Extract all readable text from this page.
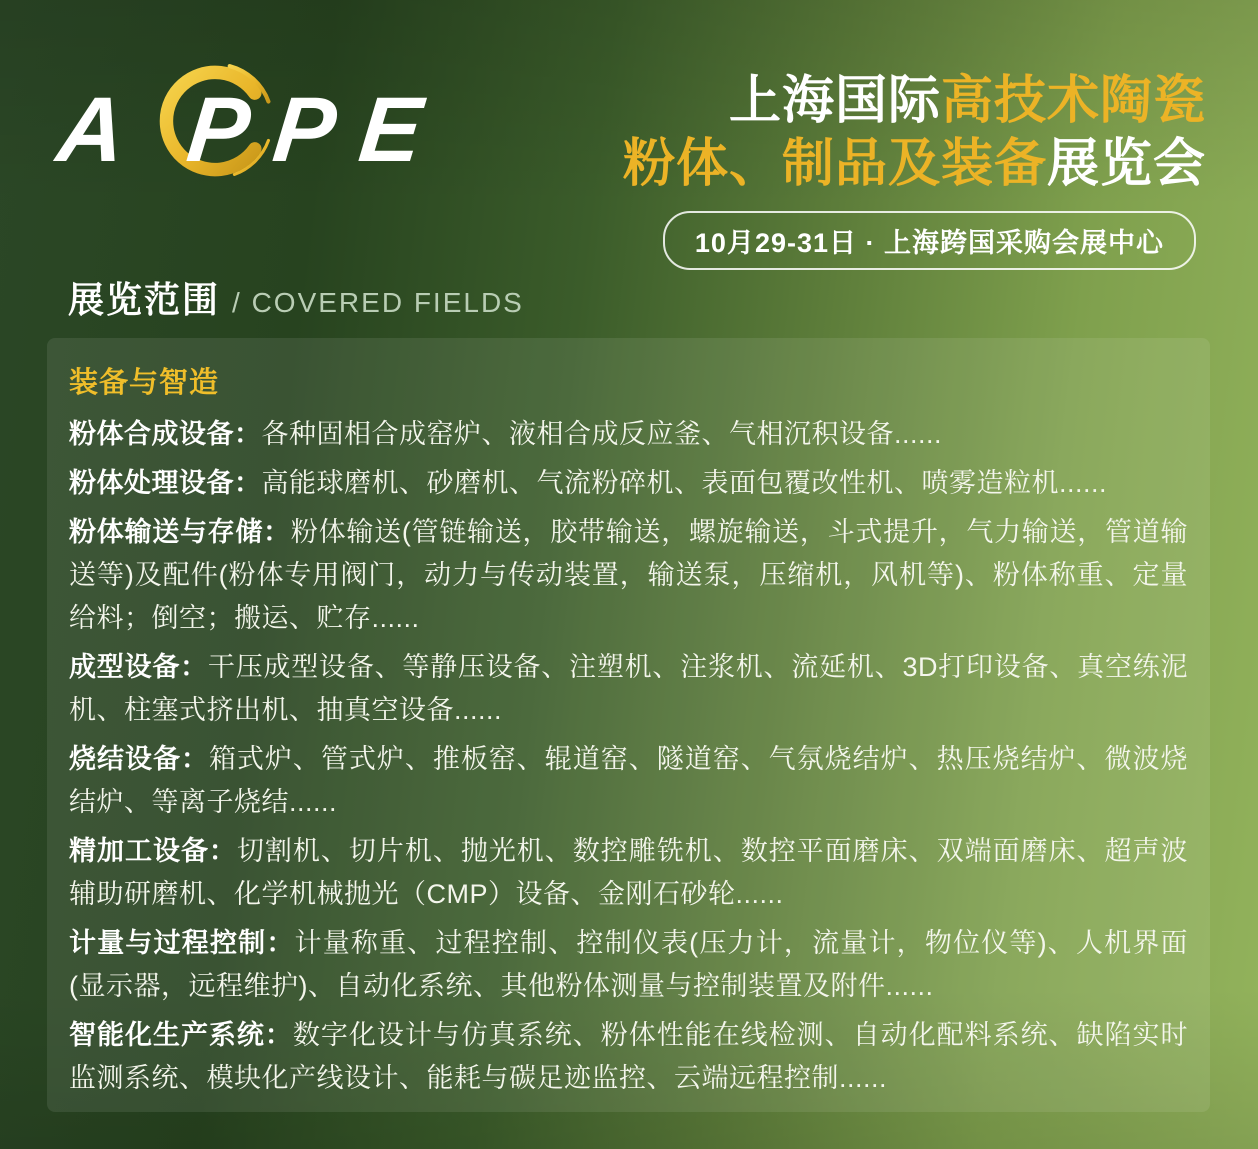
A P P E	上海国际高技术陶瓷
粉体、制品及装备展览会
10月29-31日 · 上海跨国采购会展中心
展览范围 / COVERED FIELDS
装备与智造

粉体合成设备：各种固相合成窑炉、液相合成反应釜、气相沉积设备......

粉体处理设备：高能球磨机、砂磨机、气流粉碎机、表面包覆改性机、喷雾造粒机......

粉体输送与存储：粉体输送(管链输送，胶带输送，螺旋输送，斗式提升，气力输送，管道输送等)及配件(粉体专用阀门，动力与传动装置，输送泵，压缩机，风机等)、粉体称重、定量给料；倒空；搬运、贮存......

成型设备：干压成型设备、等静压设备、注塑机、注浆机、流延机、3D打印设备、真空练泥机、柱塞式挤出机、抽真空设备......

烧结设备：箱式炉、管式炉、推板窑、辊道窑、隧道窑、气氛烧结炉、热压烧结炉、微波烧结炉、等离子烧结......

精加工设备：切割机、切片机、抛光机、数控雕铣机、数控平面磨床、双端面磨床、超声波辅助研磨机、化学机械抛光（CMP）设备、金刚石砂轮......

计量与过程控制：计量称重、过程控制、控制仪表(压力计，流量计，物位仪等)、人机界面(显示器，远程维护)、自动化系统、其他粉体测量与控制装置及附件......

智能化生产系统：数字化设计与仿真系统、粉体性能在线检测、自动化配料系统、缺陷实时监测系统、模块化产线设计、能耗与碳足迹监控、云端远程控制......
